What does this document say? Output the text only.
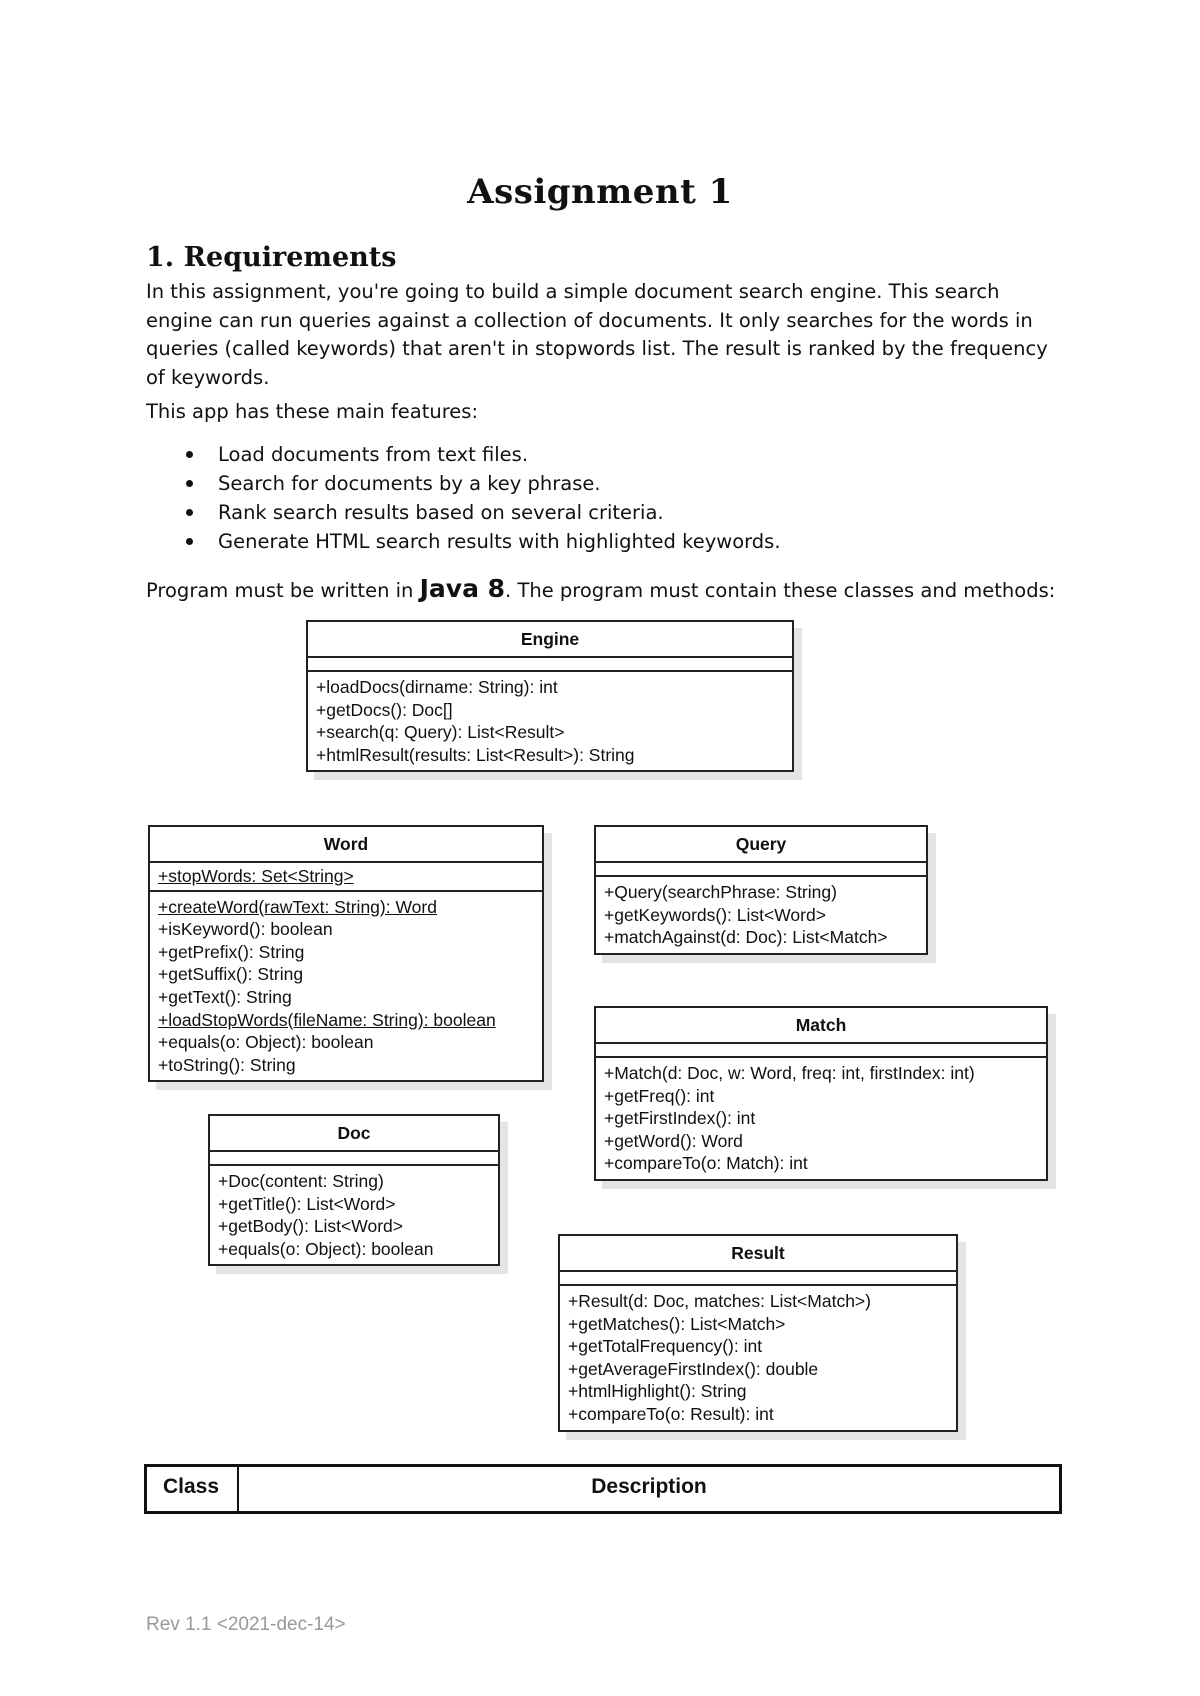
Assignment 1
1. Requirements
In this assignment, you're going to build a simple document search engine. This search engine can run queries against a collection of documents. It only searches for the words in queries (called keywords) that aren't in stopwords list. The result is ranked by the frequency of keywords.
This app has these main features:
Load documents from text files.
Search for documents by a key phrase.
Rank search results based on several criteria.
Generate HTML search results with highlighted keywords.
Program must be written in Java 8. The program must contain these classes and methods:
Engine
+loadDocs(dirname: String): int
+getDocs(): Doc[]
+search(q: Query): List<Result>
+htmlResult(results: List<Result>): String
Word
+stopWords: Set<String>
+createWord(rawText: String): Word
+isKeyword(): boolean
+getPrefix(): String
+getSuffix(): String
+getText(): String
+loadStopWords(fileName: String): boolean
+equals(o: Object): boolean
+toString(): String
Query
+Query(searchPhrase: String)
+getKeywords(): List<Word>
+matchAgainst(d: Doc): List<Match>
Match
+Match(d: Doc, w: Word, freq: int, firstIndex: int)
+getFreq(): int
+getFirstIndex(): int
+getWord(): Word
+compareTo(o: Match): int
Doc
+Doc(content: String)
+getTitle(): List<Word>
+getBody(): List<Word>
+equals(o: Object): boolean	Result
+Result(d: Doc, matches: List<Match>)
+getMatches(): List<Match>
+getTotalFrequency(): int
+getAverageFirstIndex(): double
+htmlHighlight(): String
+compareTo(o: Result): int
Class	Description
Rev 1.1 <2021-dec-14>
